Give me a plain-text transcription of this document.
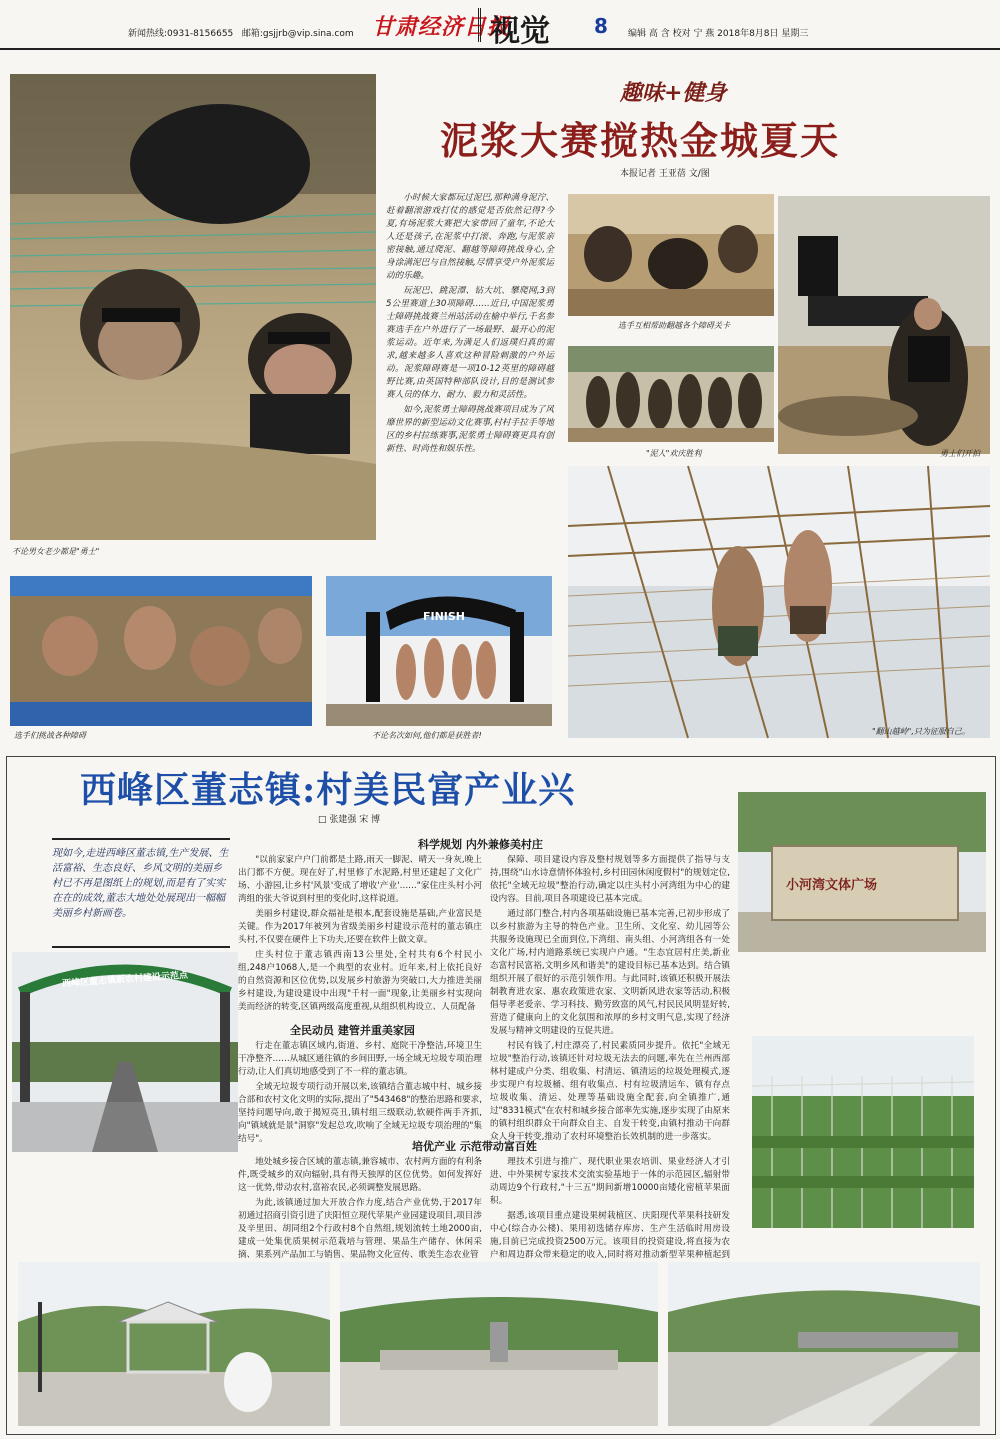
新闻热线:0931-8156655 邮箱:gsjjrb@vip.sina.com 甘肃经济日报
视觉 8 编辑 高 含 校对 宁 燕 2018年8月8日 星期三
不论男女老少都是"勇士"
趣味+健身
泥浆大赛搅热金城夏天
本报记者 王亚蓓 文/图

小时候大家都玩过泥巴,那种满身泥泞、赶着翻滚游戏打仗的感觉是否依然记得?今夏,有场泥浆大赛把大家带回了童年,不论大人还是孩子,在泥浆中打滚、奔跑,与泥浆亲密接触,通过爬泥、翻越等障碍挑战身心,全身涂满泥巴与自然接触,尽情享受户外泥浆运动的乐趣。

玩泥巴、跳泥潭、钻大坑、攀爬网,3到5公里赛道上30项障碍……近日,中国泥浆勇士障碍挑战赛兰州站活动在榆中举行,千名参赛选手在户外进行了一场最野、最开心的泥浆运动。近年来,为满足人们返璞归真的需求,越来越多人喜欢这种冒险刺激的户外运动。泥浆障碍赛是一项10-12英里的障碍越野比赛,由英国特种部队设计,目的是测试参赛人员的体力、耐力、毅力和灵活性。

如今,泥浆勇士障碍挑战赛项目成为了风靡世界的新型运动文化赛事,村村手拉手等地区的乡村拉练赛事,泥浆勇士障碍赛更具有创新性、时尚性和娱乐性。

选手互相帮助翻越各个障碍关卡
勇士们开拍
"泥人"欢庆胜利
"翻山越岭",只为征服自己。
选手们挑战各种障碍
FINISH
不论名次如何,他们都是获胜者!
西峰区董志镇:村美民富产业兴
□ 张建强 宋 博
现如今,走进西峰区董志镇,生产发展、生活富裕、生态良好、乡风文明的美丽乡村已不再是图纸上的规划,而是有了实实在在的成效,董志大地处处展现出一幅幅美丽乡村新画卷。
西峰区董志镇新农村建设示范点
小河湾文体广场
科学规划 内外兼修美村庄

"以前家家户户门前都是土路,雨天一脚泥、晴天一身灰,晚上出门都不方便。现在好了,村里修了水泥路,村里还建起了文化广场、小游园,让乡村'风景'变成了增收'产业'……"家住庄头村小河湾组的张大爷说到村里的变化时,这样说道。

美丽乡村建设,群众福祉是根本,配套设施是基础,产业富民是关键。作为2017年被列为省级美丽乡村建设示范村的董志镇庄头村,不仅要在硬件上下功夫,还要在软件上做文章。

庄头村位于董志镇西南13公里处,全村共有6个村民小组,248户1068人,是一个典型的农业村。近年来,村上依托良好的自然资源和区位优势,以发展乡村旅游为突破口,大力推进美丽乡村建设,为建设建设中出现"千村一面"现象,让美丽乡村实现向美而经济的转变,区镇两级高度重视,从组织机构设立、人员配备

保障、项目建设内容及整村规划等多方面提供了指导与支持,围绕"山水诗意情怀体验村,乡村田园休闲度假村"的规划定位,依托"全域无垃圾"整治行动,确定以庄头村小河湾组为中心的建设内容。目前,项目各项建设已基本完成。

通过部门整合,村内各项基础设施已基本完善,已初步形成了以乡村旅游为主导的特色产业。卫生所、文化室、幼儿园等公共服务设施现已全面到位,下湾组、南头组、小河湾组各有一处文化广场,村内道路系统已实现户户通。"生态宜居村庄美,新业态富村民富裕,文明乡风和谐美"的建设目标已基本达到。结合镇组织开展了很好的示范引领作用。与此同时,该镇还积极开展法制教育进农家、惠农政策进农家、文明新风进农家等活动,积极倡导孝老爱亲、学习科技、勤劳致富的风气,村民民风明显好转,营造了健康向上的文化氛围和浓厚的乡村文明气息,实现了经济发展与精神文明建设的互促共进。

全民动员 建管并重美家园

行走在董志镇区域内,街道、乡村、庭院干净整洁,环境卫生干净整齐……从城区通往镇的乡间田野,一场全域无垃圾专项治理行动,让人们真切地感受到了不一样的董志镇。

全域无垃圾专项行动开展以来,该镇结合董志城中村、城乡接合部和农村文化文明的实际,提出了"543468"的整治思路和要求,坚持问题导向,敢于揭短亮丑,镇村组三级联动,软硬件两手齐抓,向"镇域就是景"洞察"发起总攻,吹响了全域无垃圾专项治理的"集结号"。

村民有钱了,村庄漂亮了,村民素质同步提升。依托"全域无垃圾"整治行动,该镇还针对垃圾无法去的问题,率先在兰州西部林村建成户分类、组收集、村清运、镇清运的垃圾处理模式,逐步实现户有垃圾桶、组有收集点、村有垃圾清运车、镇有存点垃圾收集、清运、处理等基础设施全配套,向全镇推广,通过"8331模式"在农村和城乡接合部率先实施,逐步实现了由原来的镇村组织群众干向群众自主、自发干转变,由镇村推动干向群众人身干转变,推动了农村环境整治长效机制的进一步落实。

培优产业 示范带动富百姓

地处城乡接合区域的董志镇,兼容城市、农村两方面的有利条件,既受城乡的双向辐射,具有得天独厚的区位优势。如何发挥好这一优势,带动农村,富裕农民,必须调整发展思路。

为此,该镇通过加大开放合作力度,结合产业优势,于2017年初通过招商引资引进了庆阳恒立现代苹果产业园建设项目,项目涉及辛里田、胡同组2个行政村8个自然组,规划流转土地2000亩,建成一处集优质果树示范栽培与管理、果品生产储存、休闲采摘、果系列产品加工与销售、果品物文化宣传、歌美生态农业管

理技术引进与推广、现代职业果农培训、果业经济人才引进、中外果树专家技术交流实验基地于一体的示范园区,辐射带动周边9个行政村,"十三五"期间新增10000亩矮化密植苹果面积。

据悉,该项目重点建设果树栽植区、庆阳现代苹果科技研发中心(综合办公楼)、果用初选储存库房、生产生活临时用房设施,目前已完成投资2500万元。该项目的投资建设,将直接为农户和周边群众带来稳定的收入,同时将对推动新型苹果种植起到
